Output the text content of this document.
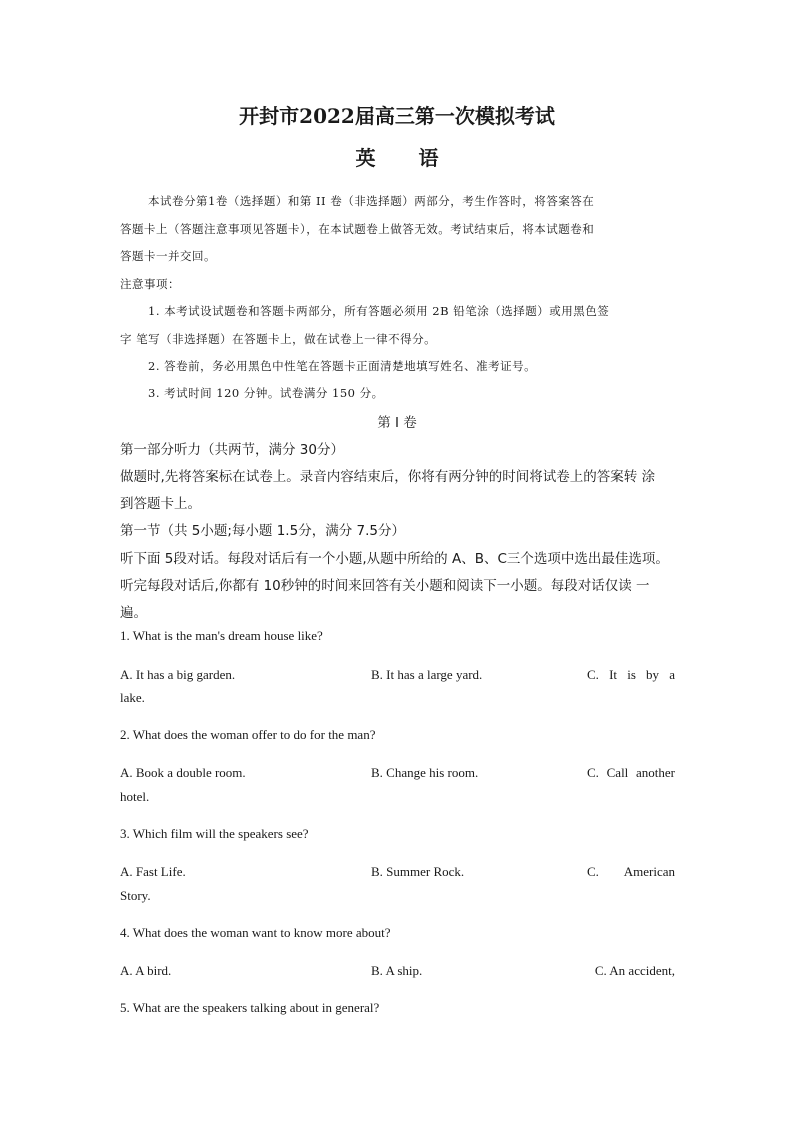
开封市2022届高三第一次模拟考试
英 语
本试卷分第1卷（选择题）和第 II 卷（非选择题）两部分，考生作答时，将答案答在
答题卡上（答题注意事项见答题卡），在本试题卷上做答无效。考试结束后，将本试题卷和
答题卡一并交回。
注意事项：
1. 本考试设试题卷和答题卡两部分，所有答题必须用 2B 铅笔涂（选择题）或用黑色签
字 笔写（非选择题）在答题卡上，做在试卷上一律不得分。
2. 答卷前，务必用黑色中性笔在答题卡正面清楚地填写姓名、准考证号。
3. 考试时间 120 分钟。试卷满分 150 分。
第 I 卷
第一部分听力（共两节，满分 30分）
做题时,先将答案标在试卷上。录音内容结束后，你将有两分钟的时间将试卷上的答案转 涂
到答题卡上。
第一节（共 5小题;每小题 1.5分，满分 7.5分）
听下面 5段对话。每段对话后有一个小题,从题中所给的 A、B、C三个选项中选出最佳选项。
听完每段对话后,你都有 10秒钟的时间来回答有关小题和阅读下一小题。每段对话仅读 一
遍。
1. What is the man's dream house like?
A. It has a big garden.	B. It has a large yard.	C. It is by a
lake.
2. What does the woman offer to do for the man?
A. Book a double room.	B. Change his room.	C. Call another
hotel.
3. Which film will the speakers see?
A. Fast Life.	B. Summer Rock.	C. American
Story.
4. What does the woman want to know more about?
A. A bird.	B. A ship.	C. An accident,
5. What are the speakers talking about in general?
